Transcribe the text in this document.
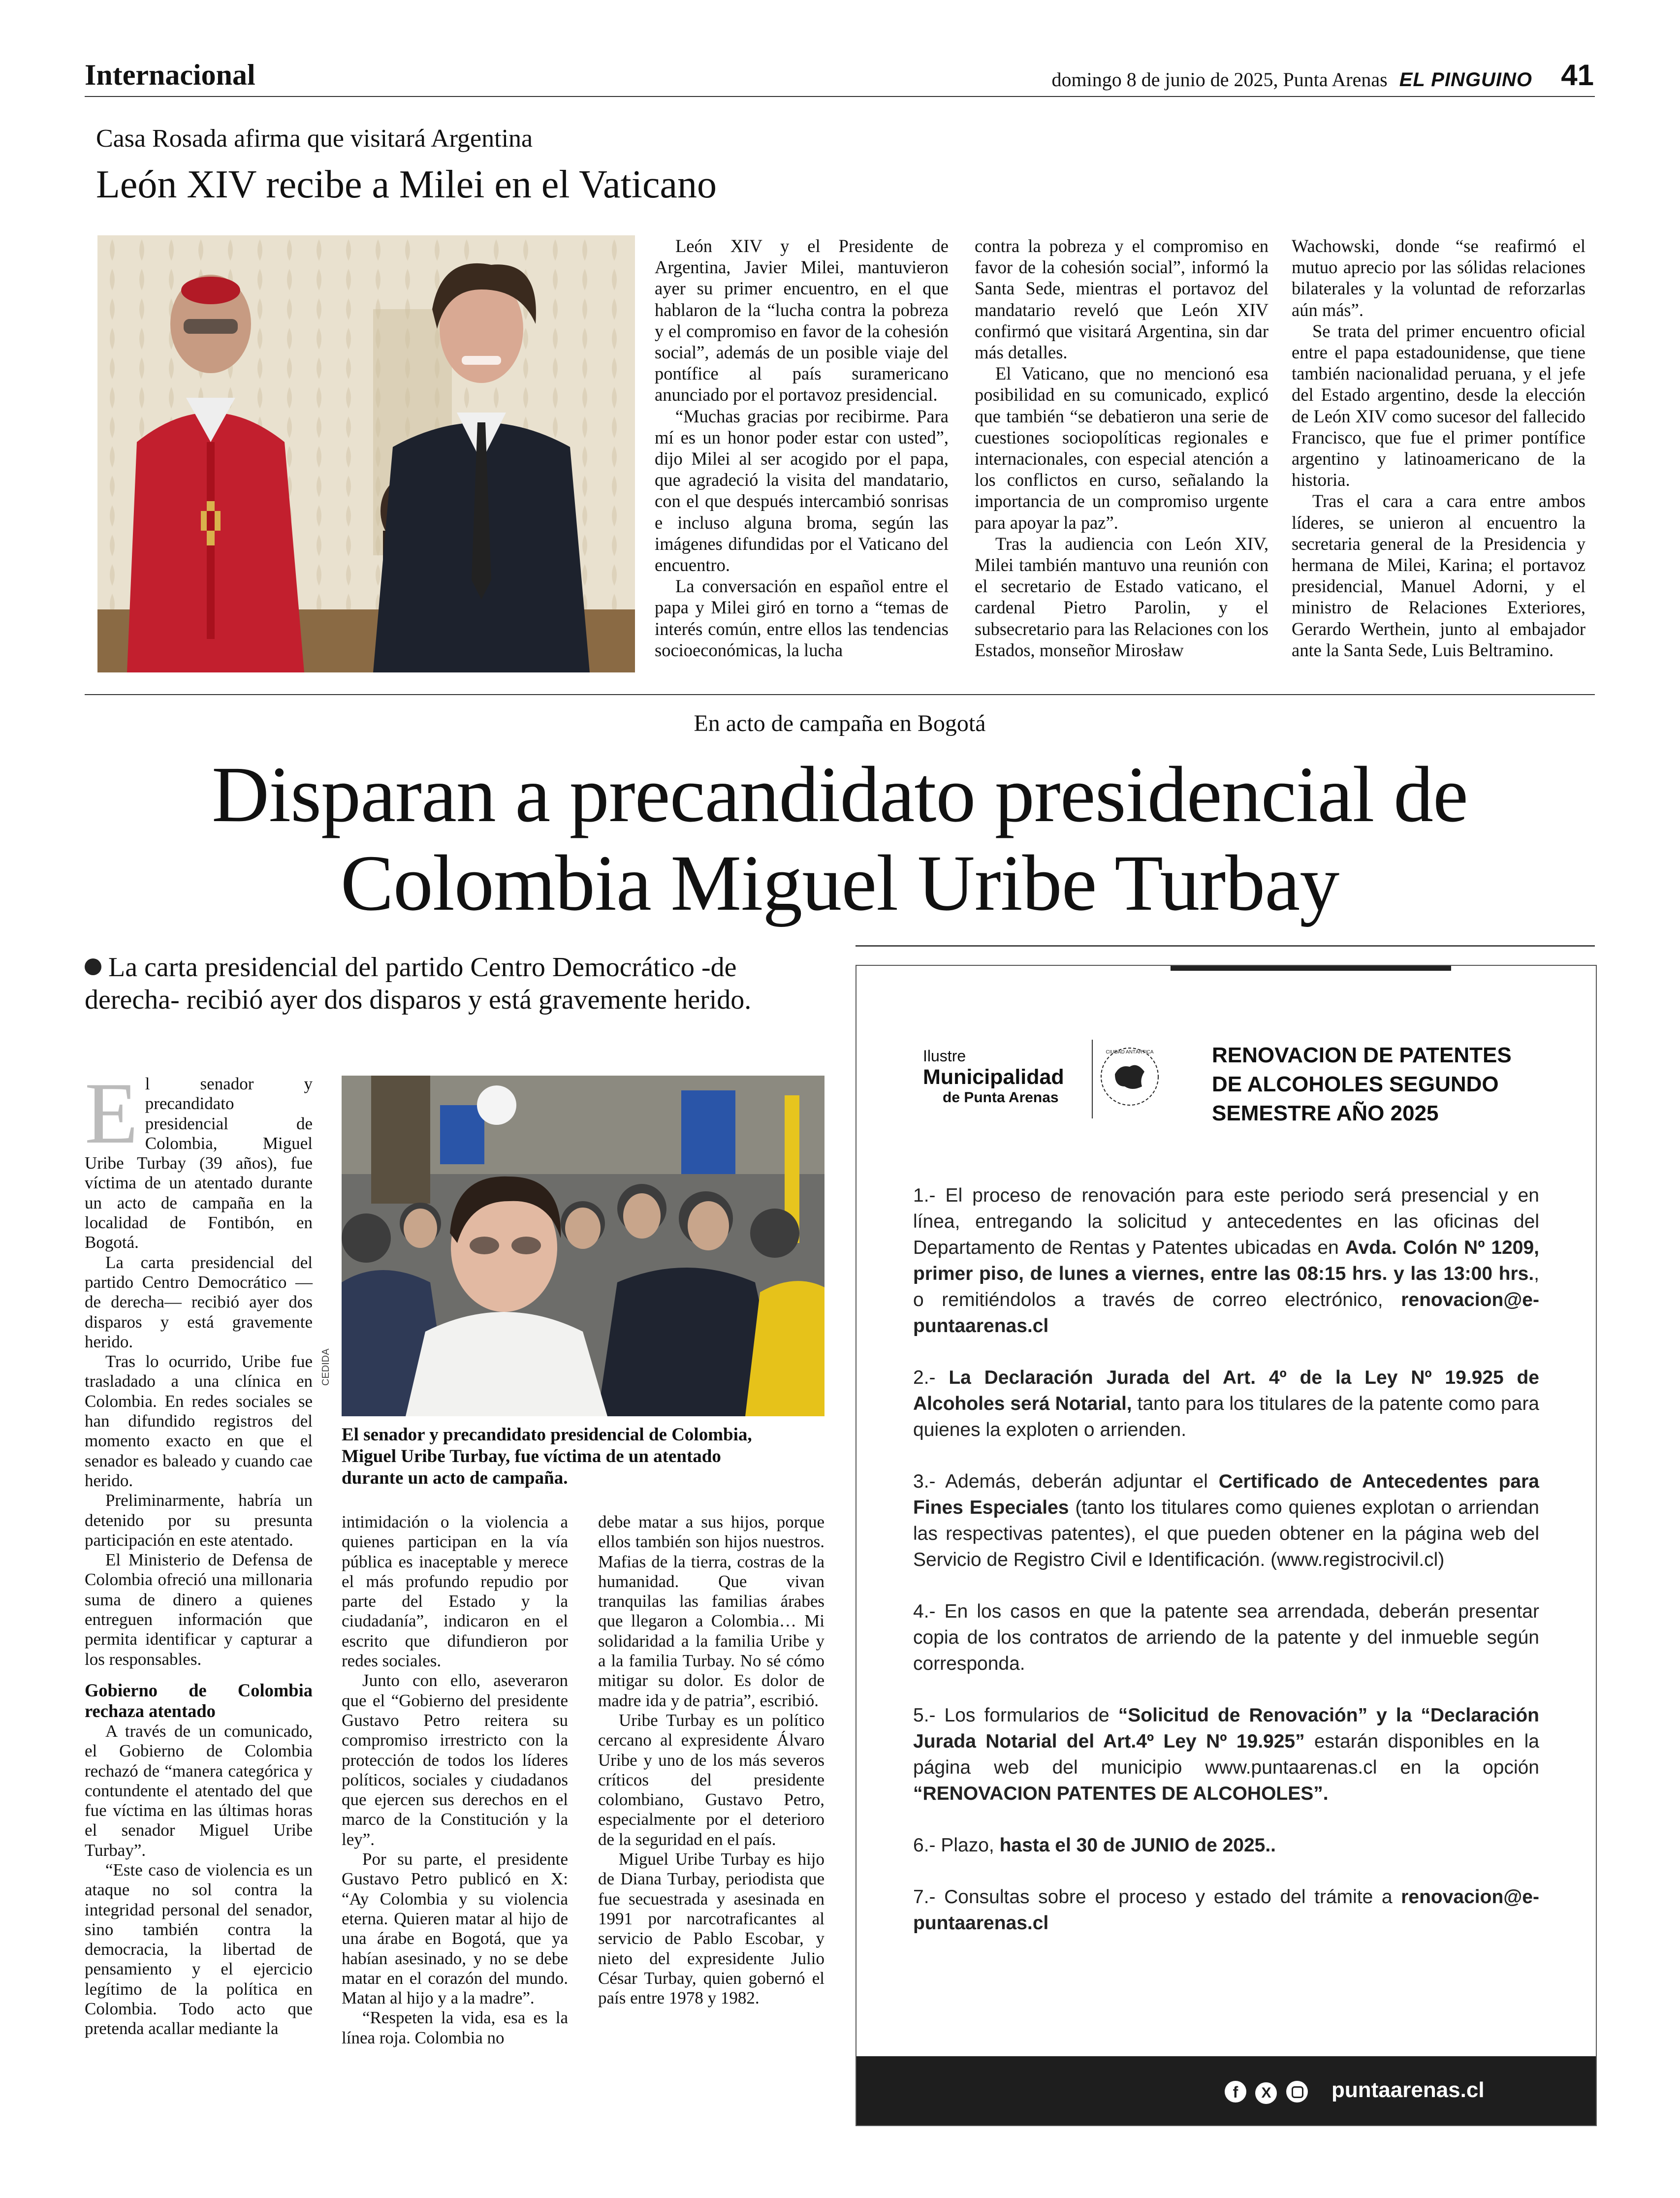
Internacional	domingo 8 de junio de 2025, Punta Arenas EL PINGUINO 41
Casa Rosada afirma que visitará Argentina
León XIV recibe a Milei en el Vaticano

León XIV y el Presidente de Argentina, Javier Milei, mantuvieron ayer su primer encuentro, en el que hablaron de la “lucha contra la pobreza y el compromiso en favor de la cohesión social”, además de un posible viaje del pontífice al país suramericano anunciado por el portavoz presidencial.

“Muchas gracias por recibirme. Para mí es un honor poder estar con usted”, dijo Milei al ser acogido por el papa, que agradeció la visita del mandatario, con el que después intercambió sonrisas e incluso alguna broma, según las imágenes difundidas por el Vaticano del encuentro.

La conversación en español entre el papa y Milei giró en torno a “temas de interés común, entre ellos las tendencias socioeconómicas, la lucha

contra la pobreza y el compromiso en favor de la cohesión social”, informó la Santa Sede, mientras el portavoz del mandatario reveló que León XIV confirmó que visitará Argentina, sin dar más detalles.

El Vaticano, que no mencionó esa posibilidad en su comunicado, explicó que también “se debatieron una serie de cuestiones sociopolíticas regionales e internacionales, con especial atención a los conflictos en curso, señalando la importancia de un compromiso urgente para apoyar la paz”.

Tras la audiencia con León XIV, Milei también mantuvo una reunión con el secretario de Estado vaticano, el cardenal Pietro Parolin, y el subsecretario para las Relaciones con los Estados, monseñor Mirosław

Wachowski, donde “se reafirmó el mutuo aprecio por las sólidas relaciones bilaterales y la voluntad de reforzarlas aún más”.

Se trata del primer encuentro oficial entre el papa estadounidense, que tiene también nacionalidad peruana, y el jefe del Estado argentino, desde la elección de León XIV como sucesor del fallecido Francisco, que fue el primer pontífice argentino y latinoamericano de la historia.

Tras el cara a cara entre ambos líderes, se unieron al encuentro la secretaria general de la Presidencia y hermana de Milei, Karina; el portavoz presidencial, Manuel Adorni, y el ministro de Relaciones Exteriores, Gerardo Werthein, junto al embajador ante la Santa Sede, Luis Beltramino.

En acto de campaña en Bogotá
Disparan a precandidato presidencial de
Colombia Miguel Uribe Turbay
La carta presidencial del partido Centro Democrático -de derecha- recibió ayer dos disparos y está gravemente herido.

El senador y precandidato presidencial de Colombia, Miguel Uribe Turbay (39 años), fue víctima de un atentado durante un acto de campaña en la localidad de Fontibón, en Bogotá.

La carta presidencial del partido Centro Democrático —de derecha— recibió ayer dos disparos y está gravemente herido.

Tras lo ocurrido, Uribe fue trasladado a una clínica en Colombia. En redes sociales se han difundido registros del momento exacto en que el senador es baleado y cuando cae herido.

Preliminarmente, habría un detenido por su presunta participación en este atentado.

El Ministerio de Defensa de Colombia ofreció una millonaria suma de dinero a quienes entreguen información que permita identificar y capturar a los responsables.

Gobierno de Colombia rechaza atentado

A través de un comunicado, el Gobierno de Colombia rechazó de “manera categórica y contundente el atentado del que fue víctima en las últimas horas el senador Miguel Uribe Turbay”.

“Este caso de violencia es un ataque no sol contra la integridad personal del senador, sino también contra la democracia, la libertad de pensamiento y el ejercicio legítimo de la política en Colombia. Todo acto que pretenda acallar mediante la

CEDIDA
El senador y precandidato presidencial de Colombia, Miguel Uribe Turbay, fue víctima de un atentado durante un acto de campaña.

intimidación o la violencia a quienes participan en la vía pública es inaceptable y merece el más profundo repudio por parte del Estado y la ciudadanía”, indicaron en el escrito que difundieron por redes sociales.

Junto con ello, aseveraron que el “Gobierno del presidente Gustavo Petro reitera su compromiso irrestricto con la protección de todos los líderes políticos, sociales y ciudadanos que ejercen sus derechos en el marco de la Constitución y la ley”.

Por su parte, el presidente Gustavo Petro publicó en X: “Ay Colombia y su violencia eterna. Quieren matar al hijo de una árabe en Bogotá, que ya habían asesinado, y no se debe matar en el corazón del mundo. Matan al hijo y a la madre”.

“Respeten la vida, esa es la línea roja. Colombia no

debe matar a sus hijos, porque ellos también son hijos nuestros. Mafias de la tierra, costras de la humanidad. Que vivan tranquilas las familias árabes que llegaron a Colombia… Mi solidaridad a la familia Uribe y a la familia Turbay. No sé cómo mitigar su dolor. Es dolor de madre ida y de patria”, escribió.

Uribe Turbay es un político cercano al expresidente Álvaro Uribe y uno de los más severos críticos del presidente colombiano, Gustavo Petro, especialmente por el deterioro de la seguridad en el país.

Miguel Uribe Turbay es hijo de Diana Turbay, periodista que fue secuestrada y asesinada en 1991 por narcotraficantes al servicio de Pablo Escobar, y nieto del expresidente Julio César Turbay, quien gobernó el país entre 1978 y 1982.

Ilustre
Municipalidad
de Punta Arenas
CIUDAD ANTÁRTICA	RENOVACION DE PATENTES
DE ALCOHOLES SEGUNDO
SEMESTRE AÑO 2025

1.- El proceso de renovación para este periodo será presencial y en línea, entregando la solicitud y antecedentes en las oficinas del Departamento de Rentas y Patentes ubicadas en Avda. Colón Nº 1209, primer piso, de lunes a viernes, entre las 08:15 hrs. y las 13:00 hrs., o remitiéndolos a través de correo electrónico, renovacion@e-puntaarenas.cl

2.- La Declaración Jurada del Art. 4º de la Ley Nº 19.925 de Alcoholes será Notarial, tanto para los titulares de la patente como para quienes la exploten o arrienden.

3.- Además, deberán adjuntar el Certificado de Antecedentes para Fines Especiales (tanto los titulares como quienes explotan o arriendan las respectivas patentes), el que pueden obtener en la página web del Servicio de Registro Civil e Identificación. (www.registrocivil.cl)

4.- En los casos en que la patente sea arrendada, deberán presentar copia de los contratos de arriendo de la patente y del inmueble según corresponda.

5.- Los formularios de “Solicitud de Renovación” y la “Declaración Jurada Notarial del Art.4º Ley Nº 19.925” estarán disponibles en la página web del municipio www.puntaarenas.cl en la opción “RENOVACION PATENTES DE ALCOHOLES”.

6.- Plazo, hasta el 30 de JUNIO de 2025..

7.- Consultas sobre el proceso y estado del trámite a renovacion@e-puntaarenas.cl

f X	puntaarenas.cl
